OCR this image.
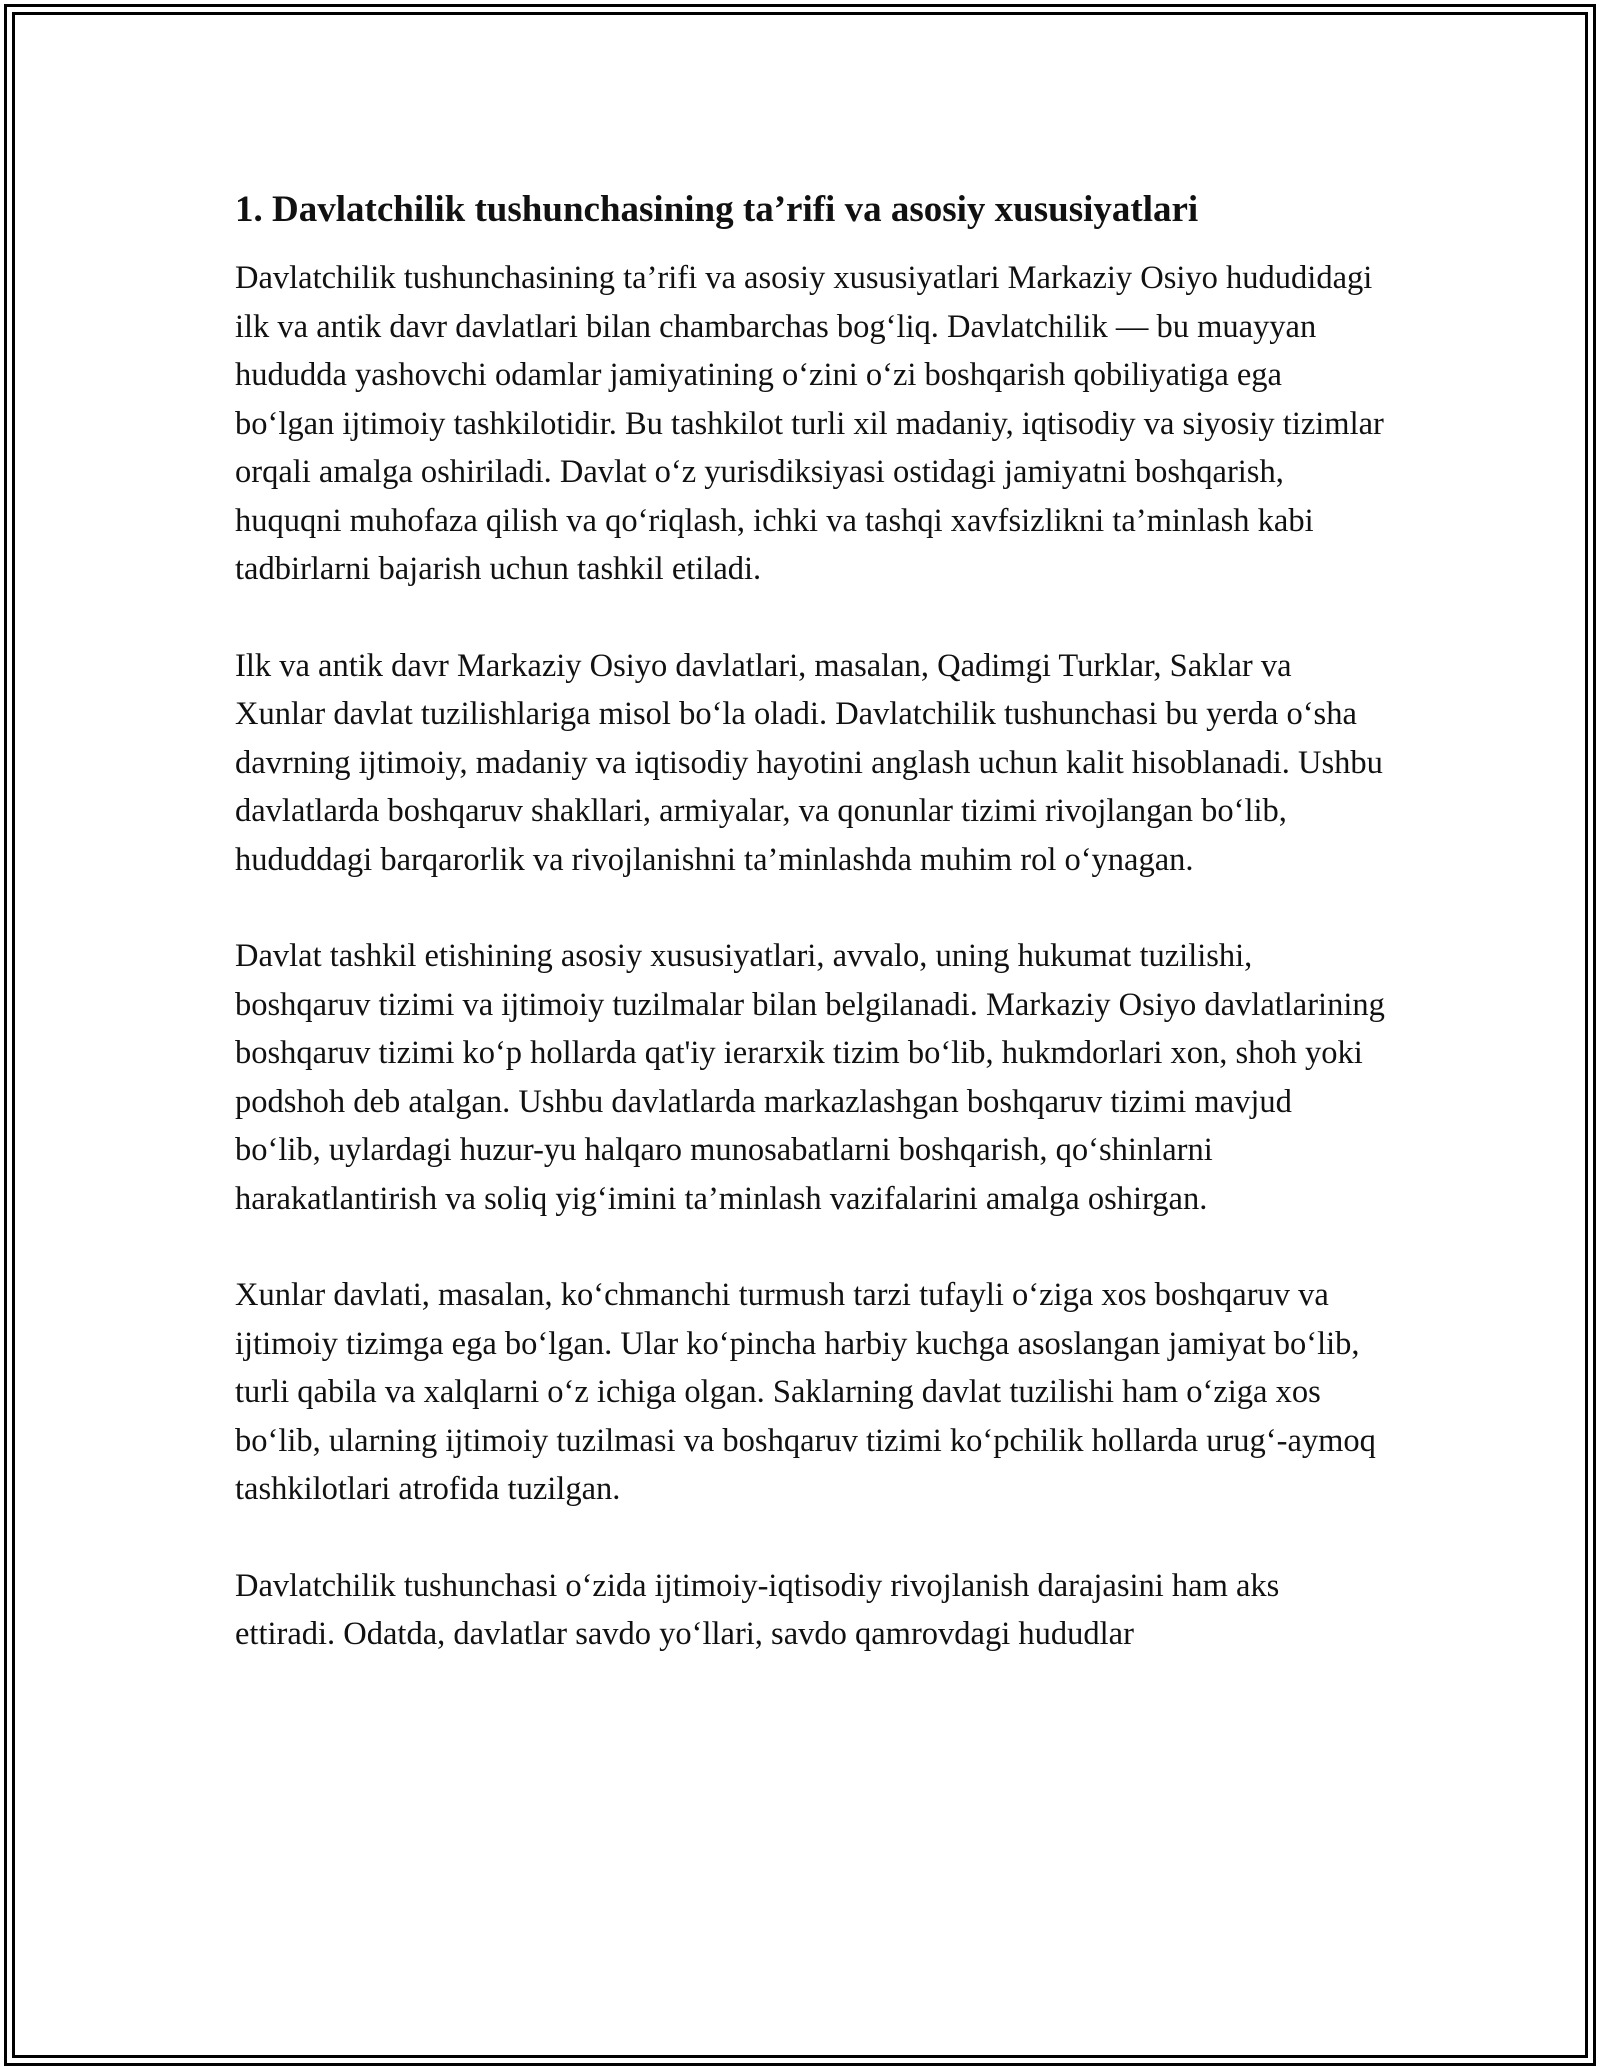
1. Davlatchilik tushunchasining ta’rifi va asosiy xususiyatlari

Davlatchilik tushunchasining ta’rifi va asosiy xususiyatlari Markaziy Osiyo hududidagi ilk va antik davr davlatlari bilan chambarchas bog‘liq. Davlatchilik — bu muayyan hududda yashovchi odamlar jamiyatining o‘zini o‘zi boshqarish qobiliyatiga ega bo‘lgan ijtimoiy tashkilotidir. Bu tashkilot turli xil madaniy, iqtisodiy va siyosiy tizimlar orqali amalga oshiriladi. Davlat o‘z yurisdiksiyasi ostidagi jamiyatni boshqarish, huquqni muhofaza qilish va qo‘riqlash, ichki va tashqi xavfsizlikni ta’minlash kabi tadbirlarni bajarish uchun tashkil etiladi.

Ilk va antik davr Markaziy Osiyo davlatlari, masalan, Qadimgi Turklar, Saklar va Xunlar davlat tuzilishlariga misol bo‘la oladi. Davlatchilik tushunchasi bu yerda o‘sha davrning ijtimoiy, madaniy va iqtisodiy hayotini anglash uchun kalit hisoblanadi. Ushbu davlatlarda boshqaruv shakllari, armiyalar, va qonunlar tizimi rivojlangan bo‘lib, hududdagi barqarorlik va rivojlanishni ta’minlashda muhim rol o‘ynagan.

Davlat tashkil etishining asosiy xususiyatlari, avvalo, uning hukumat tuzilishi, boshqaruv tizimi va ijtimoiy tuzilmalar bilan belgilanadi. Markaziy Osiyo davlatlarining boshqaruv tizimi ko‘p hollarda qat'iy ierarxik tizim bo‘lib, hukmdorlari xon, shoh yoki podshoh deb atalgan. Ushbu davlatlarda markazlashgan boshqaruv tizimi mavjud bo‘lib, uylardagi huzur-yu halqaro munosabatlarni boshqarish, qo‘shinlarni harakatlantirish va soliq yig‘imini ta’minlash vazifalarini amalga oshirgan.

Xunlar davlati, masalan, ko‘chmanchi turmush tarzi tufayli o‘ziga xos boshqaruv va ijtimoiy tizimga ega bo‘lgan. Ular ko‘pincha harbiy kuchga asoslangan jamiyat bo‘lib, turli qabila va xalqlarni o‘z ichiga olgan. Saklarning davlat tuzilishi ham o‘ziga xos bo‘lib, ularning ijtimoiy tuzilmasi va boshqaruv tizimi ko‘pchilik hollarda urug‘-aymoq tashkilotlari atrofida tuzilgan.

Davlatchilik tushunchasi o‘zida ijtimoiy-iqtisodiy rivojlanish darajasini ham aks ettiradi. Odatda, davlatlar savdo yo‘llari, savdo qamrovdagi hududlar
